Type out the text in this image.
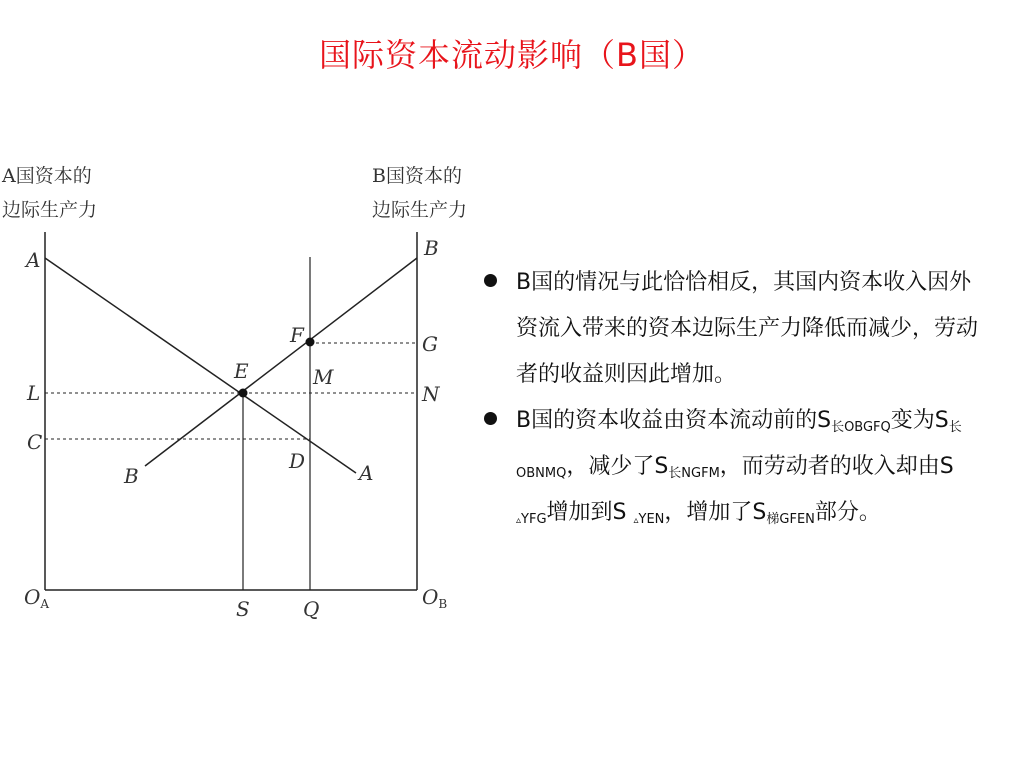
国际资本流动影响（B国）
A国资本的
边际生产力
B国资本的
边际生产力
A	B
L
C
E
F
M
G
N
D
B	A
$O_A$	$O_B$
S	Q
B国的情况与此恰恰相反，其国内资本收入因外资流入带来的资本边际生产力降低而减少，劳动者的收益则因此增加。
B国的资本收益由资本流动前的$S_{长OBGFQ}$变为$S_{长OBNMQ}$，减少了$S_{长NGFM}$，而劳动者的收入却由S $_{▵YFG}$增加到S $_{▵YEN}$，增加了$S_{梯GFEN}$部分。
